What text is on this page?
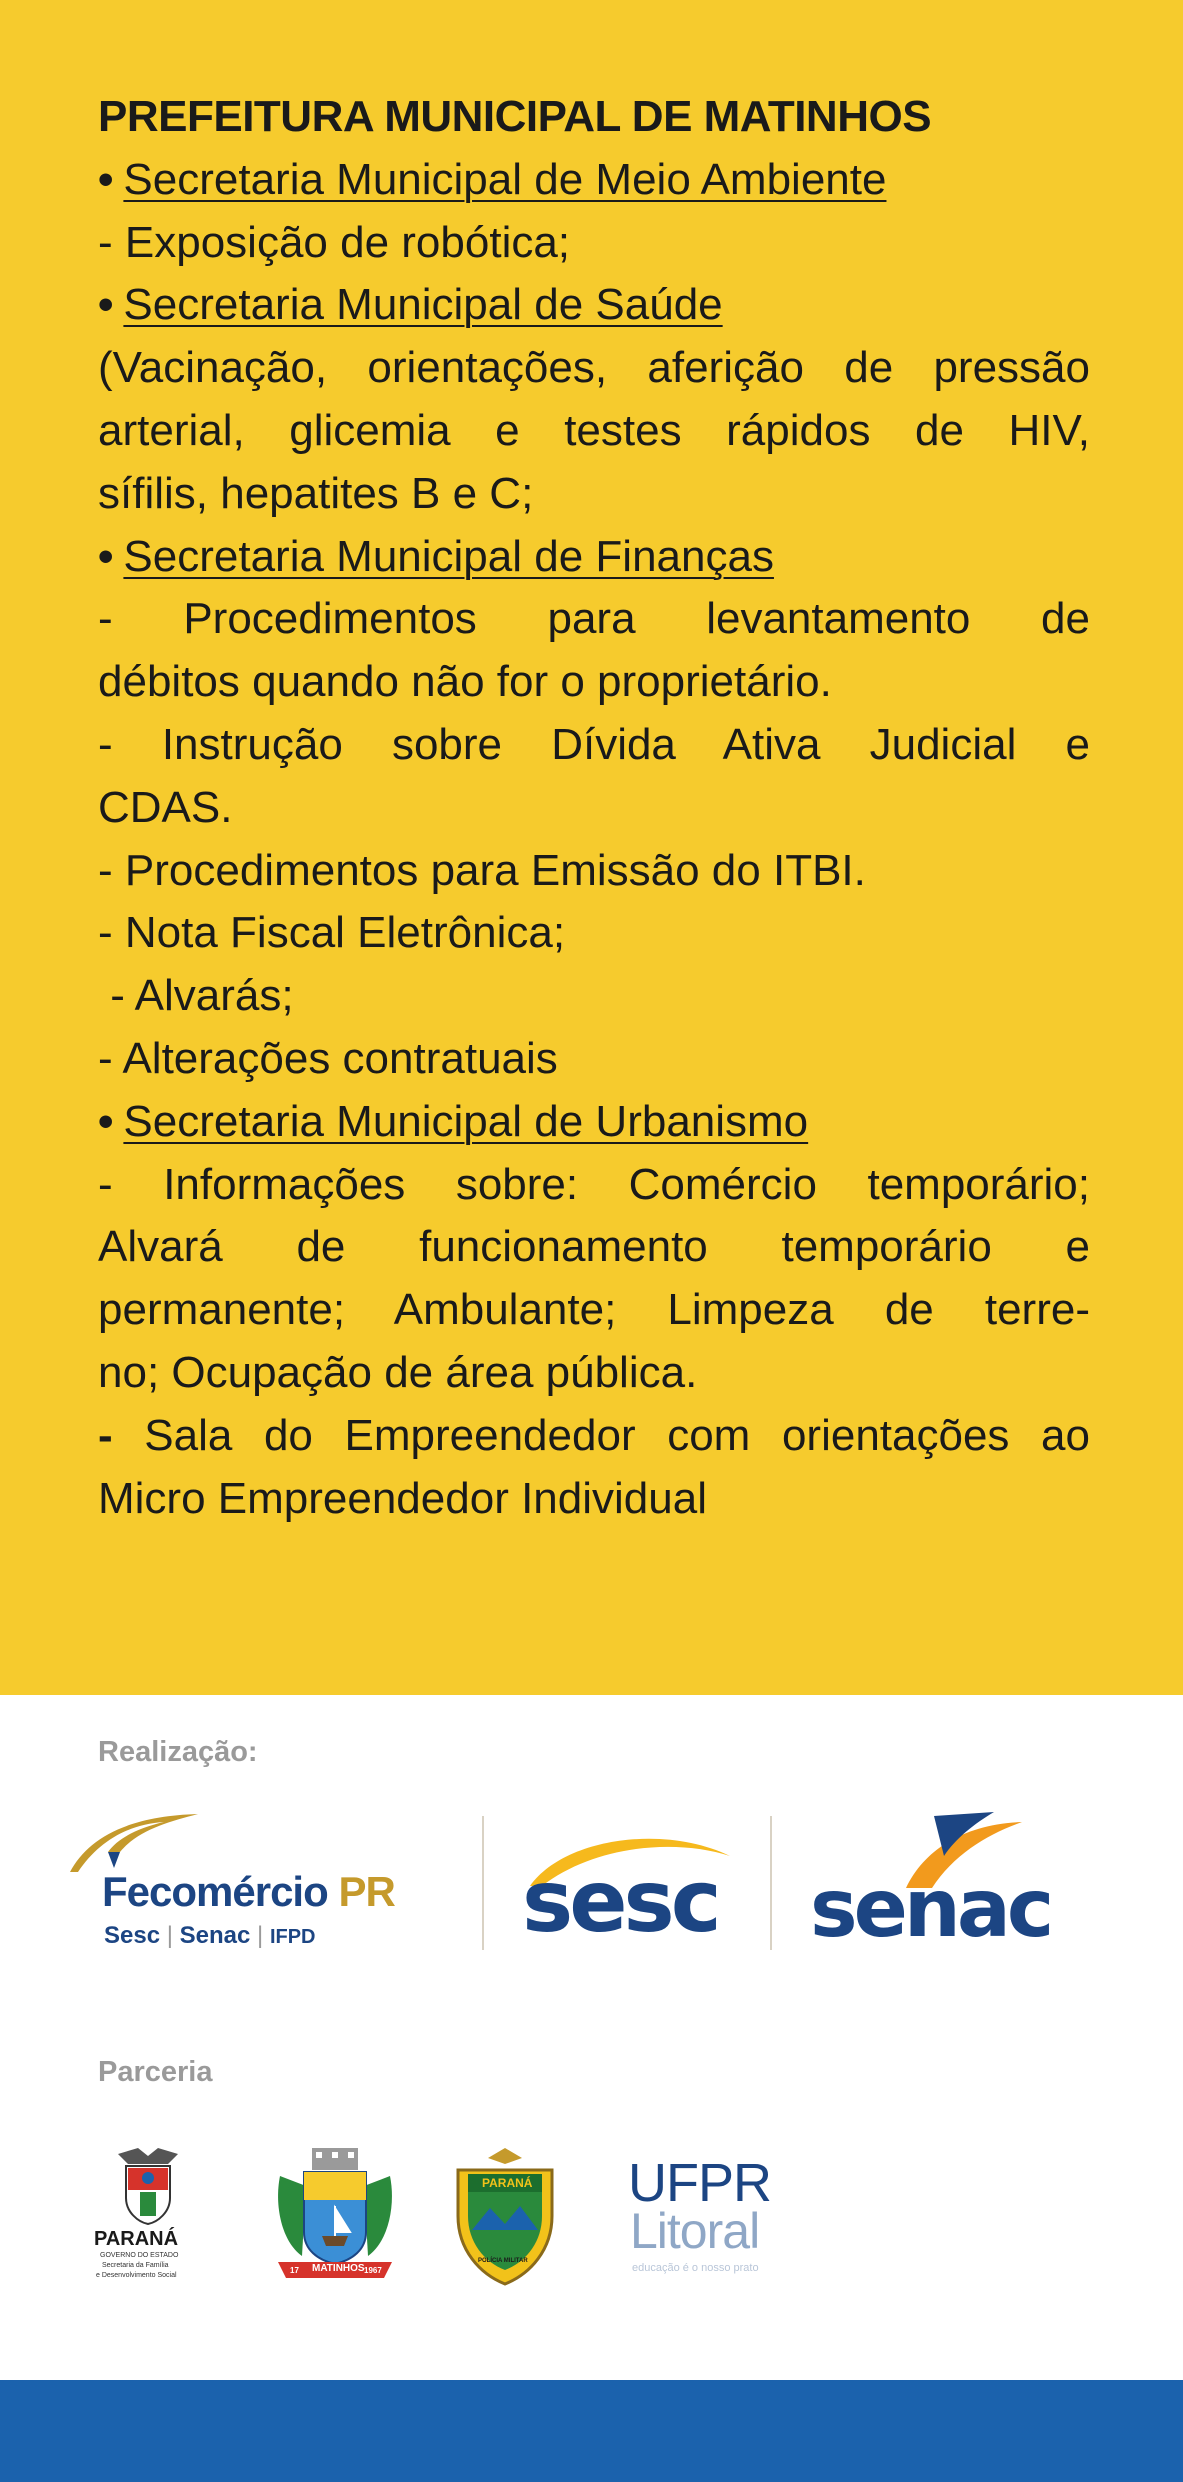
PREFEITURA MUNICIPAL DE MATINHOS
• Secretaria Municipal de Meio Ambiente
- Exposição de robótica;
• Secretaria Municipal de Saúde
(Vacinação, orientações, aferição de pressão
arterial, glicemia e testes rápidos de HIV,
sífilis, hepatites B e C;
• Secretaria Municipal de Finanças
- Procedimentos para levantamento de
débitos quando não for o proprietário.
- Instrução sobre Dívida Ativa Judicial e
CDAS.
- Procedimentos para Emissão do ITBI.
- Nota Fiscal Eletrônica;
- Alvarás;
- Alterações contratuais
• Secretaria Municipal de Urbanismo
- Informações sobre: Comércio temporário;
Alvará de funcionamento temporário e
permanente; Ambulante; Limpeza de terre-
no; Ocupação de área pública.
- Sala do Empreendedor com orientações ao
Micro Empreendedor Individual
Realização:
Fecomércio PR
Sesc | Senac | IFPD sesc senac
Parceria
PARANÁ
GOVERNO DO ESTADO
Secretaria da Família
e Desenvolvimento Social
MATINHOS
17	1967
PARANÁ
POLÍCIA MILITAR
UFPR
Litoral
educação é o nosso prato
